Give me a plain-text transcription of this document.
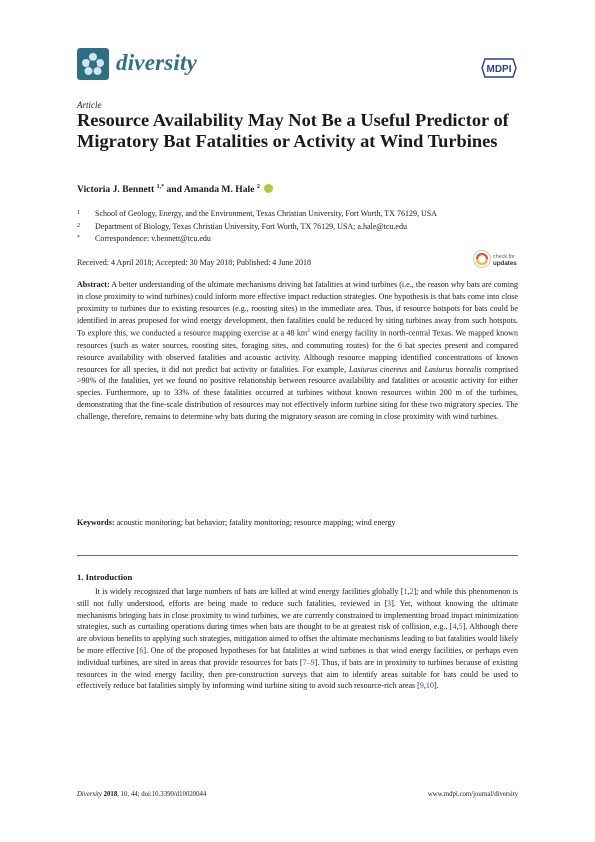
diversity	MDPI
Article
Resource Availability May Not Be a Useful Predictor of Migratory Bat Fatalities or Activity at Wind Turbines
Victoria J. Bennett $^{1,*}$ and Amanda M. Hale $^2$
1 School of Geology, Energy, and the Environment, Texas Christian University, Fort Worth, TX 76129, USA
2 Department of Biology, Texas Christian University, Fort Worth, TX 76129, USA; a.hale@tcu.edu
* Correspondence: v.bennett@tcu.edu
check for
updates
Received: 4 April 2018; Accepted: 30 May 2018; Published: 4 June 2018

Abstract: A better understanding of the ultimate mechanisms driving bat fatalities at wind turbines (i.e., the reason why bats are coming in close proximity to wind turbines) could inform more effective impact reduction strategies. One hypothesis is that bats come into close proximity to turbines due to existing resources (e.g., roosting sites) in the immediate area. Thus, if resource hotspots for bats could be identified in areas proposed for wind energy development, then fatalities could be reduced by siting turbines away from such hotspots. To explore this, we conducted a resource mapping exercise at a 48 $km^2$ wind energy facility in north-central Texas. We mapped known resources (such as water sources, roosting sites, foraging sites, and commuting routes) for the 6 bat species present and compared resource availability with observed fatalities and acoustic activity. Although resource mapping identified concentrations of known resources for all species, it did not predict bat activity or fatalities. For example, Lasiurus cinereus and Lasiurus borealis comprised >90% of the fatalities, yet we found no positive relationship between resource availability and fatalities or acoustic activity for either species. Furthermore, up to 33% of these fatalities occurred at turbines without known resources within 200 m of the turbines, demonstrating that the fine-scale distribution of resources may not effectively inform turbine siting for these two migratory species. The challenge, therefore, remains to determine why bats during the migratory season are coming in close proximity with wind turbines.

Keywords: acoustic monitoring; bat behavior; fatality monitoring; resource mapping; wind energy
1. Introduction

It is widely recognized that large numbers of bats are killed at wind energy facilities globally [1,2]; and while this phenomenon is still not fully understood, efforts are being made to reduce such fatalities, reviewed in [3]. Yet, without knowing the ultimate mechanisms bringing bats in close proximity to wind turbines, we are currently constrained to implementing broad impact minimization strategies, such as curtailing operations during times when bats are thought to be at greatest risk of collision, e.g., [4,5]. Although there are obvious benefits to applying such strategies, mitigation aimed to offset the ultimate mechanisms leading to bat fatalities would likely be more effective [6]. One of the proposed hypotheses for bat fatalities at wind turbines is that wind energy facilities, or perhaps even individual turbines, are sited in areas that provide resources for bats [7–9]. Thus, if bats are in proximity to turbines because of existing resources in the wind energy facility, then pre-construction surveys that aim to identify areas suitable for bats could be used to effectively reduce bat fatalities simply by informing wind turbine siting to avoid such resource-rich areas [9,10].

Diversity 2018, 10, 44; doi:10.3390/d10020044	www.mdpi.com/journal/diversity
